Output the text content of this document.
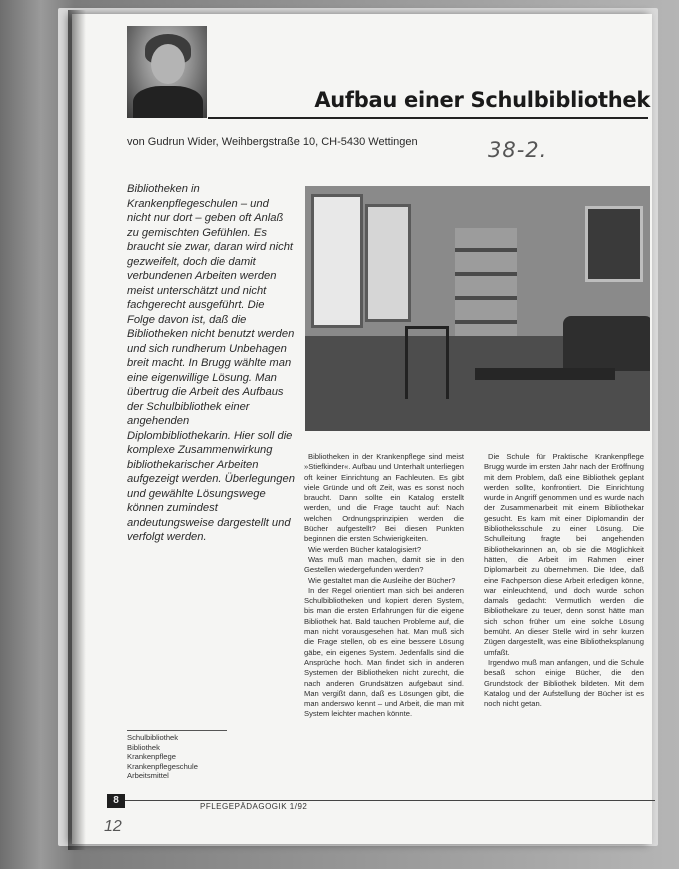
Aufbau einer Schulbibliothek
von Gudrun Wider, Weihbergstraße 10, CH-5430 Wettingen	38-2.
Bibliotheken in Krankenpflegeschulen – und nicht nur dort – geben oft Anlaß zu gemischten Gefühlen. Es braucht sie zwar, daran wird nicht gezweifelt, doch die damit verbundenen Arbeiten werden meist unterschätzt und nicht fachgerecht ausgeführt. Die Folge davon ist, daß die Bibliotheken nicht benutzt werden und sich rundherum Unbehagen breit macht. In Brugg wählte man eine eigenwillige Lösung. Man übertrug die Arbeit des Aufbaus der Schulbibliothek einer angehenden Diplombibliothekarin. Hier soll die komplexe Zusammenwirkung bibliothekarischer Arbeiten aufgezeigt werden. Überlegungen und gewählte Lösungswege können zumindest andeutungsweise dargestellt und verfolgt werden.

Bibliotheken in der Krankenpflege sind meist »Stiefkinder«. Aufbau und Unterhalt unterliegen oft keiner Einrichtung an Fachleuten. Es gibt viele Gründe und oft Zeit, was es sonst noch braucht. Dann sollte ein Katalog erstellt werden, und die Frage taucht auf: Nach welchen Ordnungsprinzipien werden die Bücher aufgestellt? Bei diesen Punkten beginnen die ersten Schwierigkeiten.

Wie werden Bücher katalogisiert?

Was muß man machen, damit sie in den Gestellen wiedergefunden werden?

Wie gestaltet man die Ausleihe der Bücher?

In der Regel orientiert man sich bei anderen Schulbibliotheken und kopiert deren System, bis man die ersten Erfahrungen für die eigene Bibliothek hat. Bald tauchen Probleme auf, die man nicht vorausgesehen hat. Man muß sich die Frage stellen, ob es eine bessere Lösung gäbe, ein eigenes System. Jedenfalls sind die Ansprüche hoch. Man findet sich in anderen Systemen der Bibliotheken nicht zurecht, die nach anderen Grundsätzen aufgebaut sind. Man vergißt dann, daß es Lösungen gibt, die man anderswo kennt – und Arbeit, die man mit System leichter machen könnte.

Die Schule für Praktische Krankenpflege Brugg wurde im ersten Jahr nach der Eröffnung mit dem Problem, daß eine Bibliothek geplant werden sollte, konfrontiert. Die Einrichtung wurde in Angriff genommen und es wurde nach der Zusammenarbeit mit einem Bibliothekar gesucht. Es kam mit einer Diplomandin der Bibliotheksschule zu einer Lösung. Die Schulleitung fragte bei angehenden Bibliothekarinnen an, ob sie die Möglichkeit hätten, die Arbeit im Rahmen einer Diplomarbeit zu übernehmen. Die Idee, daß eine Fachperson diese Arbeit erledigen könne, war einleuchtend, und doch wurde schon damals gedacht: Vermutlich werden die Bibliothekare zu teuer, denn sonst hätte man sich schon früher um eine solche Lösung bemüht. An dieser Stelle wird in sehr kurzen Zügen dargestellt, was eine Bibliotheksplanung umfaßt.

Irgendwo muß man anfangen, und die Schule besaß schon einige Bücher, die den Grundstock der Bibliothek bildeten. Mit dem Katalog und der Aufstellung der Bücher ist es noch nicht getan.

Schulbibliothek
Bibliothek
Krankenpflege
Krankenpflegeschule
Arbeitsmittel
8
PFLEGEPÄDAGOGIK 1/92
12
